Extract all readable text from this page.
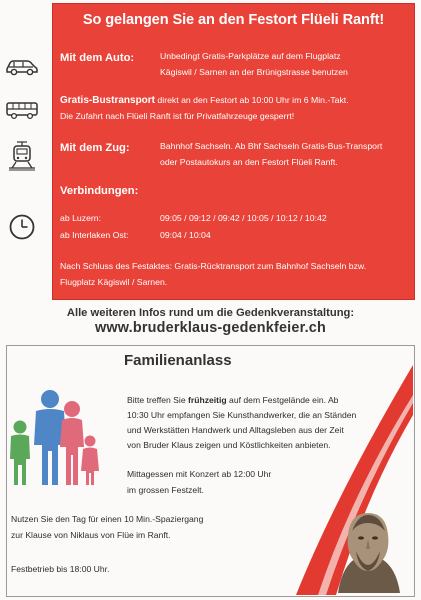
So gelangen Sie an den Festort Flüeli Ranft!
Mit dem Auto:	Unbedingt Gratis-Parkplätze auf dem Flugplatz
Kägiswil / Sarnen an der Brünigstrasse benutzen
Gratis-Bustransport direkt an den Festort ab 10:00 Uhr im 6 Min.-Takt.
Die Zufahrt nach Flüeli Ranft ist für Privatfahrzeuge gesperrt!
Mit dem Zug:	Bahnhof Sachseln. Ab Bhf Sachseln Gratis-Bus-Transport
oder Postautokurs an den Festort Flüeli Ranft.
Verbindungen:
ab Luzern:	09:05 / 09:12 / 09:42 / 10:05 / 10:12 / 10:42
ab Interlaken Ost:	09:04 / 10:04
Nach Schluss des Festaktes: Gratis-Rücktransport zum Bahnhof Sachseln bzw.
Flugplatz Kägiswil / Sarnen.
Alle weiteren Infos rund um die Gedenkveranstaltung:
www.bruderklaus-gedenkfeier.ch
Familienanlass
Bitte treffen Sie frühzeitig auf dem Festgelände ein. Ab
10:30 Uhr empfangen Sie Kunsthandwerker, die an Ständen
und Werkstätten Handwerk und Alltagsleben aus der Zeit
von Bruder Klaus zeigen und Köstlichkeiten anbieten.
Mittagessen mit Konzert ab 12:00 Uhr
im grossen Festzelt.
Nutzen Sie den Tag für einen 10 Min.-Spaziergang
zur Klause von Niklaus von Flüe im Ranft.
Festbetrieb bis 18:00 Uhr.
